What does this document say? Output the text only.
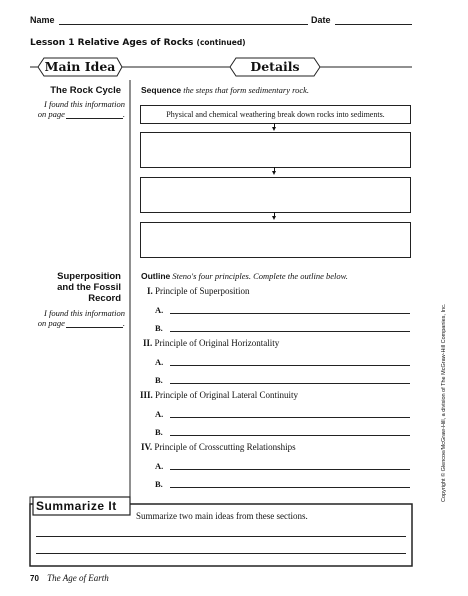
Name	Date
Lesson 1 Relative Ages of Rocks (continued)
Main Idea	Details
The Rock Cycle
I found this information
on page	.
Sequence the steps that form sedimentary rock.
Physical and chemical weathering break down rocks into sediments.
Superposition
and the Fossil
Record
I found this information
on page	.
Outline Steno's four principles. Complete the outline below.
I. Principle of Superposition
A.
B.
II. Principle of Original Horizontality
A.
B.
III. Principle of Original Lateral Continuity
A.
B.
IV. Principle of Crosscutting Relationships
A.
B.	Copyright © Glencoe/McGraw-Hill, a division of The McGraw-Hill Companies, Inc.
Summarize It
Summarize two main ideas from these sections.
70 The Age of Earth
